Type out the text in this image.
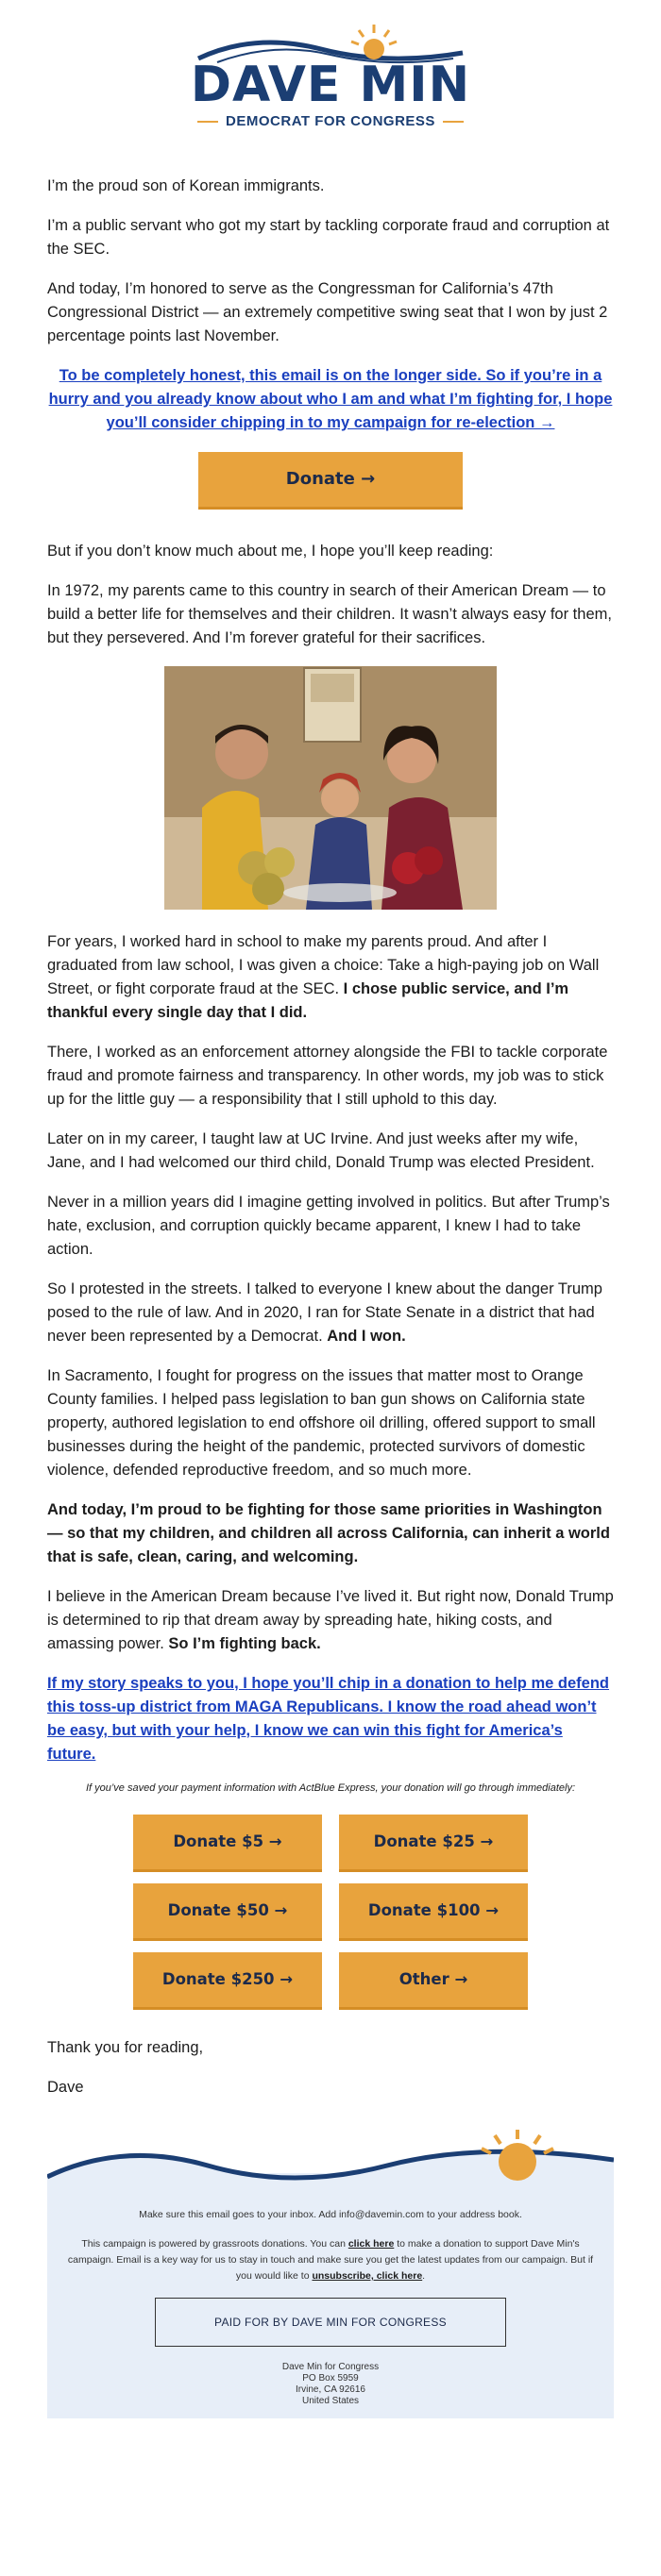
DAVE MIN
DEMOCRAT FOR CONGRESS

I’m the proud son of Korean immigrants.

I’m a public servant who got my start by tackling corporate fraud and corruption at the SEC.

And today, I’m honored to serve as the Congressman for California’s 47th Congressional District — an extremely competitive swing seat that I won by just 2 percentage points last November.

To be completely honest, this email is on the longer side. So if you’re in a hurry and you already know about who I am and what I’m fighting for, I hope you’ll consider chipping in to my campaign for re-election →

Donate →

But if you don’t know much about me, I hope you’ll keep reading:

In 1972, my parents came to this country in search of their American Dream — to build a better life for themselves and their children. It wasn’t always easy for them, but they persevered. And I’m forever grateful for their sacrifices.

For years, I worked hard in school to make my parents proud. And after I graduated from law school, I was given a choice: Take a high-paying job on Wall Street, or fight corporate fraud at the SEC. I chose public service, and I’m thankful every single day that I did.

There, I worked as an enforcement attorney alongside the FBI to tackle corporate fraud and promote fairness and transparency. In other words, my job was to stick up for the little guy — a responsibility that I still uphold to this day.

Later on in my career, I taught law at UC Irvine. And just weeks after my wife, Jane, and I had welcomed our third child, Donald Trump was elected President.

Never in a million years did I imagine getting involved in politics. But after Trump’s hate, exclusion, and corruption quickly became apparent, I knew I had to take action.

So I protested in the streets. I talked to everyone I knew about the danger Trump posed to the rule of law. And in 2020, I ran for State Senate in a district that had never been represented by a Democrat. And I won.

In Sacramento, I fought for progress on the issues that matter most to Orange County families. I helped pass legislation to ban gun shows on California state property, authored legislation to end offshore oil drilling, offered support to small businesses during the height of the pandemic, protected survivors of domestic violence, defended reproductive freedom, and so much more.

And today, I’m proud to be fighting for those same priorities in Washington — so that my children, and children all across California, can inherit a world that is safe, clean, caring, and welcoming.

I believe in the American Dream because I’ve lived it. But right now, Donald Trump is determined to rip that dream away by spreading hate, hiking costs, and amassing power. So I’m fighting back.

If my story speaks to you, I hope you’ll chip in a donation to help me defend this toss-up district from MAGA Republicans. I know the road ahead won’t be easy, but with your help, I know we can win this fight for America’s future.

If you’ve saved your payment information with ActBlue Express, your donation will go through immediately:
Donate $5 →	Donate $25 →
Donate $50 →	Donate $100 →
Donate $250 →	Other →

Thank you for reading,

Dave

Make sure this email goes to your inbox. Add info@davemin.com to your address book.

This campaign is powered by grassroots donations. You can click here to make a donation to support Dave Min's campaign. Email is a key way for us to stay in touch and make sure you get the latest updates from our campaign. But if you would like to unsubscribe, click here.

PAID FOR BY DAVE MIN FOR CONGRESS
Dave Min for Congress
PO Box 5959
Irvine, CA 92616
United States
